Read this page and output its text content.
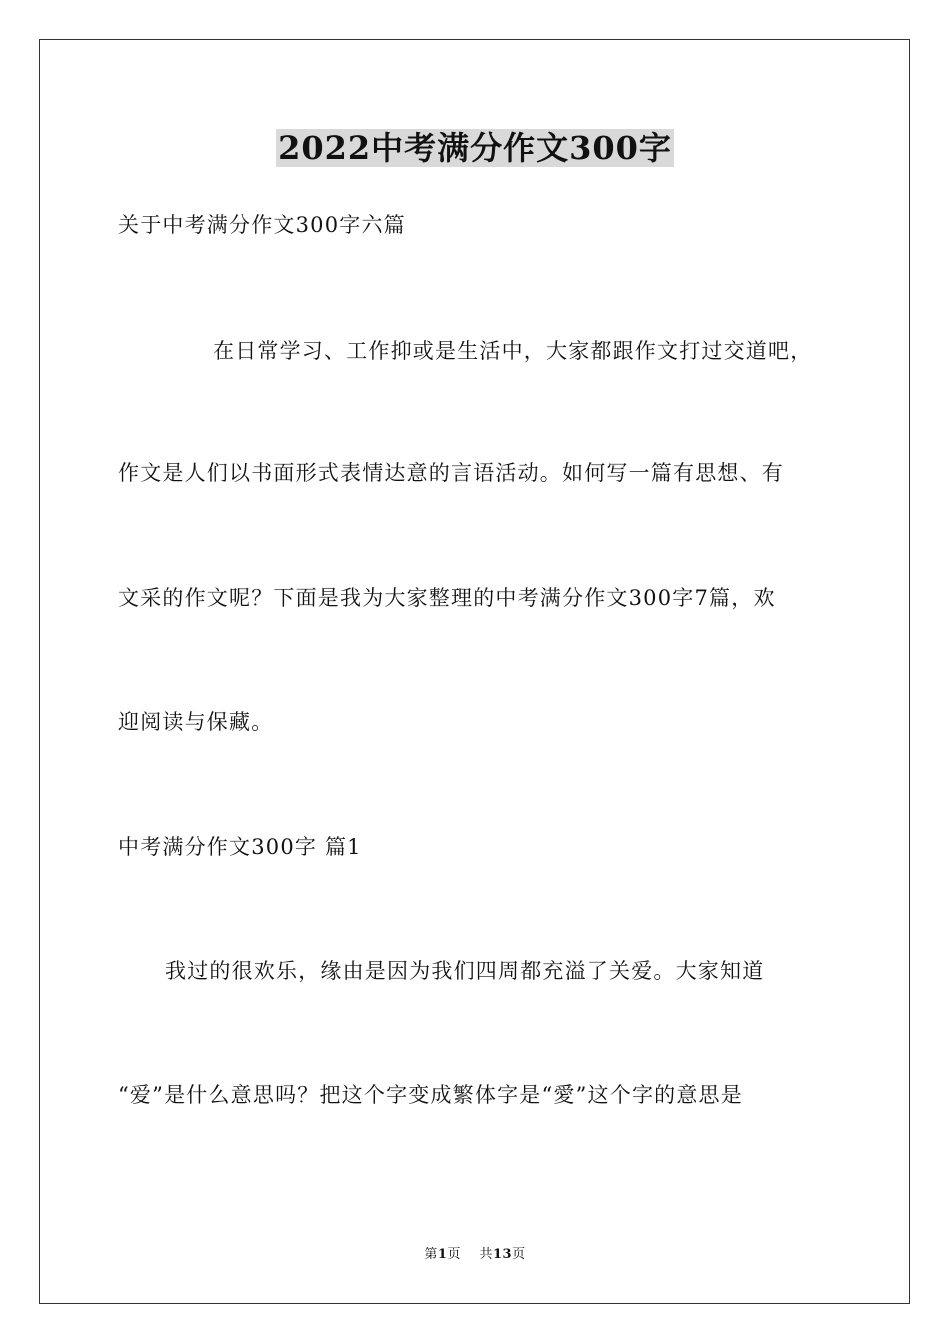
2022中考满分作文300字
关于中考满分作文300字六篇
在日常学习、工作抑或是生活中，大家都跟作文打过交道吧，
作文是人们以书面形式表情达意的言语活动。如何写一篇有思想、有
文采的作文呢？下面是我为大家整理的中考满分作文300字7篇，欢
迎阅读与保藏。
中考满分作文300字 篇1
我过的很欢乐，缘由是因为我们四周都充溢了关爱。大家知道
“爱”是什么意思吗？把这个字变成繁体字是“愛”这个字的意思是
第1页    共13页
